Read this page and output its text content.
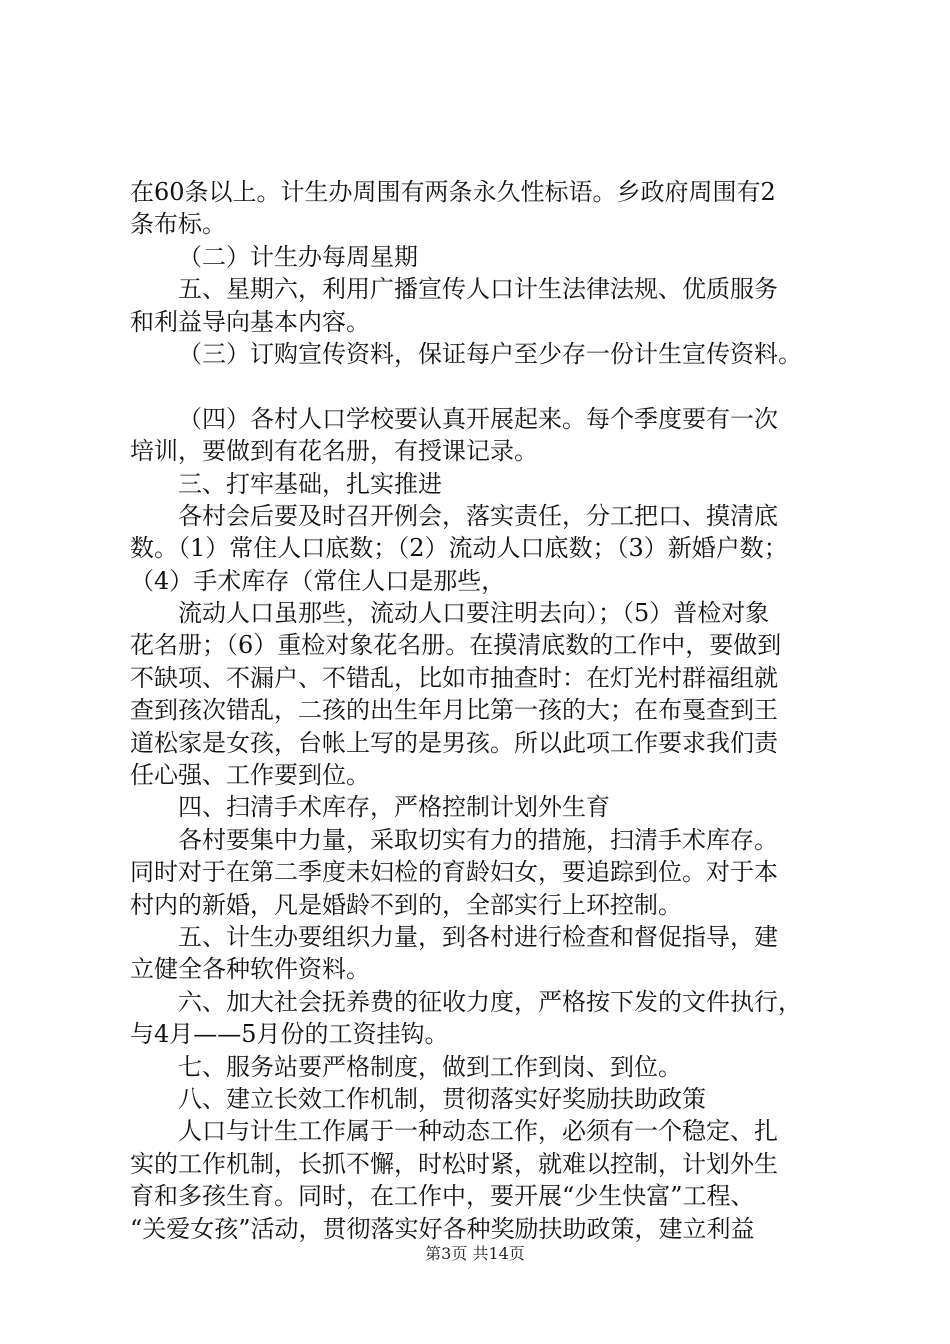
在60条以上。计生办周围有两条永久性标语。乡政府周围有2
条布标。
（二）计生办每周星期
五、星期六，利用广播宣传人口计生法律法规、优质服务
和利益导向基本内容。
（三）订购宣传资料，保证每户至少存一份计生宣传资料。
（四）各村人口学校要认真开展起来。每个季度要有一次
培训，要做到有花名册，有授课记录。
三、打牢基础，扎实推进
各村会后要及时召开例会，落实责任，分工把口、摸清底
数。（1）常住人口底数；（2）流动人口底数；（3）新婚户数；
（4）手术库存（常住人口是那些，
流动人口虽那些，流动人口要注明去向）；（5）普检对象
花名册；（6）重检对象花名册。在摸清底数的工作中，要做到
不缺项、不漏户、不错乱，比如市抽查时：在灯光村群福组就
查到孩次错乱，二孩的出生年月比第一孩的大；在布戛查到王
道松家是女孩，台帐上写的是男孩。所以此项工作要求我们责
任心强、工作要到位。
四、扫清手术库存，严格控制计划外生育
各村要集中力量，采取切实有力的措施，扫清手术库存。
同时对于在第二季度未妇检的育龄妇女，要追踪到位。对于本
村内的新婚，凡是婚龄不到的，全部实行上环控制。
五、计生办要组织力量，到各村进行检查和督促指导，建
立健全各种软件资料。
六、加大社会抚养费的征收力度，严格按下发的文件执行，
与4月——5月份的工资挂钩。
七、服务站要严格制度，做到工作到岗、到位。
八、建立长效工作机制，贯彻落实好奖励扶助政策
人口与计生工作属于一种动态工作，必须有一个稳定、扎
实的工作机制，长抓不懈，时松时紧，就难以控制，计划外生
育和多孩生育。同时，在工作中，要开展“少生快富”工程、
“关爱女孩”活动，贯彻落实好各种奖励扶助政策，建立利益
第3页 共14页
